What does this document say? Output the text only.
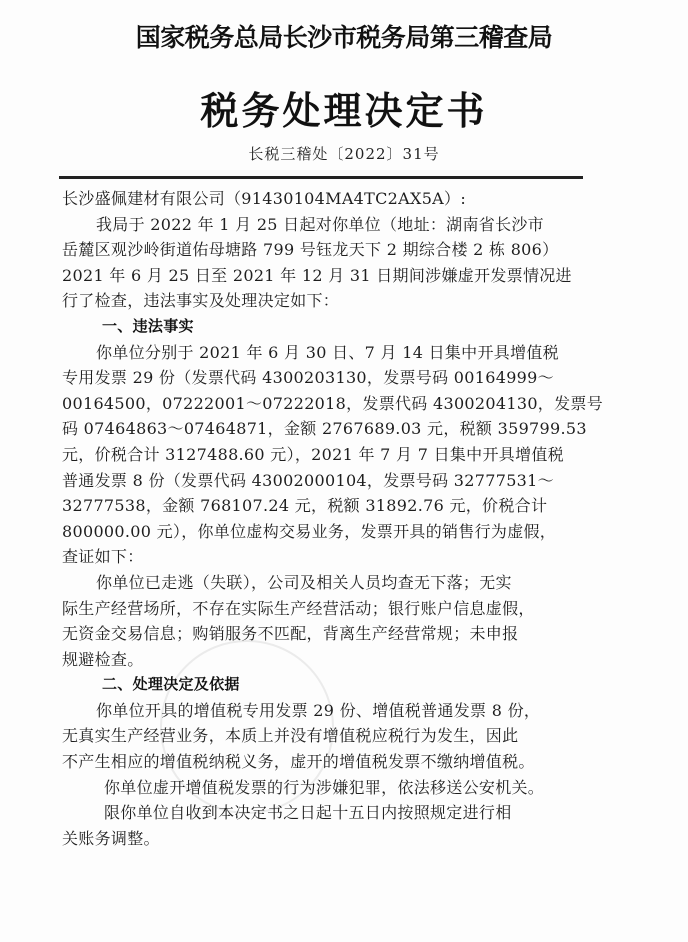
国家税务总局长沙市税务局第三稽查局
税务处理决定书
长税三稽处〔2022〕31号
长沙盛佩建材有限公司（91430104MA4TC2AX5A）:
我局于 2022 年 1 月 25 日起对你单位（地址：湖南省长沙市
岳麓区观沙岭街道佑母塘路 799 号钰龙天下 2 期综合楼 2 栋 806）
2021 年 6 月 25 日至 2021 年 12 月 31 日期间涉嫌虚开发票情况进
行了检查，违法事实及处理决定如下：
一、违法事实
你单位分别于 2021 年 6 月 30 日、7 月 14 日集中开具增值税
专用发票 29 份（发票代码 4300203130，发票号码 00164999～
00164500，07222001～07222018，发票代码 4300204130，发票号
码 07464863～07464871，金额 2767689.03 元，税额 359799.53
元，价税合计 3127488.60 元），2021 年 7 月 7 日集中开具增值税
普通发票 8 份（发票代码 43002000104，发票号码 32777531～
32777538，金额 768107.24 元，税额 31892.76 元，价税合计
800000.00 元），你单位虚构交易业务，发票开具的销售行为虚假，
查证如下：
你单位已走逃（失联），公司及相关人员均查无下落；无实
际生产经营场所，不存在实际生产经营活动；银行账户信息虚假，
无资金交易信息；购销服务不匹配，背离生产经营常规；未申报
规避检查。
二、处理决定及依据
你单位开具的增值税专用发票 29 份、增值税普通发票 8 份，
无真实生产经营业务，本质上并没有增值税应税行为发生，因此
不产生相应的增值税纳税义务，虚开的增值税发票不缴纳增值税。
你单位虚开增值税发票的行为涉嫌犯罪，依法移送公安机关。
限你单位自收到本决定书之日起十五日内按照规定进行相
关账务调整。
